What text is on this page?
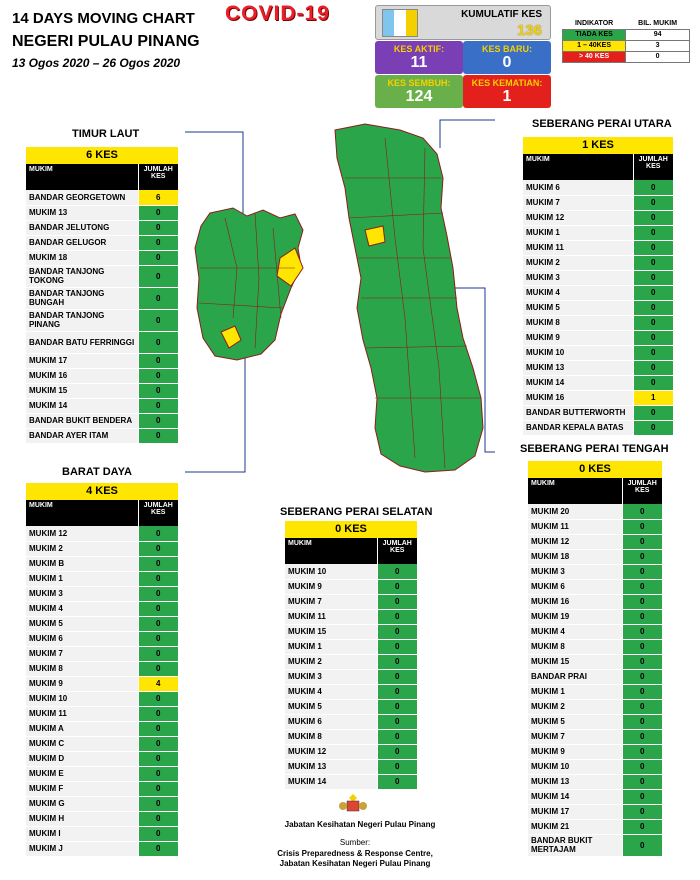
14 DAYS MOVING CHART COVID-19
NEGERI PULAU PINANG
13 Ogos 2020 – 26 Ogos 2020
KUMULATIF KES
136
KES AKTIF:
11
KES BARU:
0
KES SEMBUH:
124
KES KEMATIAN:
1
INDIKATOR	BIL. MUKIM
TIADA KES	94
1 – 40KES	3
> 40 KES	0
TIMUR LAUT
6 KES
MUKIM	JUMLAH KES
BANDAR GEORGETOWN	6
MUKIM 13	0
BANDAR JELUTONG	0
BANDAR GELUGOR	0
MUKIM 18	0
BANDAR TANJONG TOKONG	0
BANDAR TANJONG BUNGAH	0
BANDAR TANJONG PINANG	0
BANDAR BATU FERRINGGI	0
MUKIM 17	0
MUKIM 16	0
MUKIM 15	0
MUKIM 14	0
BANDAR BUKIT BENDERA	0
BANDAR AYER ITAM	0
BARAT DAYA
4 KES
MUKIM	JUMLAH KES
MUKIM 12	0
MUKIM 2	0
MUKIM B	0
MUKIM 1	0
MUKIM 3	0
MUKIM 4	0
MUKIM 5	0
MUKIM 6	0
MUKIM 7	0
MUKIM 8	0
MUKIM 9	4
MUKIM 10	0
MUKIM 11	0
MUKIM A	0
MUKIM C	0
MUKIM D	0
MUKIM E	0
MUKIM F	0
MUKIM G	0
MUKIM H	0
MUKIM I	0
MUKIM J	0
SEBERANG PERAI UTARA
1 KES
MUKIM	JUMLAH KES
MUKIM 6	0
MUKIM 7	0
MUKIM 12	0
MUKIM 1	0
MUKIM 11	0
MUKIM 2	0
MUKIM 3	0
MUKIM 4	0
MUKIM 5	0
MUKIM 8	0
MUKIM 9	0
MUKIM 10	0
MUKIM 13	0
MUKIM 14	0
MUKIM 16	1
BANDAR BUTTERWORTH	0
BANDAR KEPALA BATAS	0
SEBERANG PERAI TENGAH
0 KES
MUKIM	JUMLAH KES
MUKIM 20	0
MUKIM 11	0
MUKIM 12	0
MUKIM 18	0
MUKIM 3	0
MUKIM 6	0
MUKIM 16	0
MUKIM 19	0
MUKIM 4	0
MUKIM 8	0
MUKIM 15	0
BANDAR PRAI	0
MUKIM 1	0
MUKIM 2	0
MUKIM 5	0
MUKIM 7	0
MUKIM 9	0
MUKIM 10	0
MUKIM 13	0
MUKIM 14	0
MUKIM 17	0
MUKIM 21	0
BANDAR BUKIT MERTAJAM	0
SEBERANG PERAI SELATAN
0 KES
MUKIM	JUMLAH KES
MUKIM 10	0
MUKIM 9	0
MUKIM 7	0
MUKIM 11	0
MUKIM 15	0
MUKIM 1	0
MUKIM 2	0
MUKIM 3	0
MUKIM 4	0
MUKIM 5	0
MUKIM 6	0
MUKIM 8	0
MUKIM 12	0
MUKIM 13	0
MUKIM 14	0
Jabatan Kesihatan Negeri Pulau Pinang
Sumber:
Crisis Preparedness & Response Centre,
Jabatan Kesihatan Negeri Pulau Pinang
